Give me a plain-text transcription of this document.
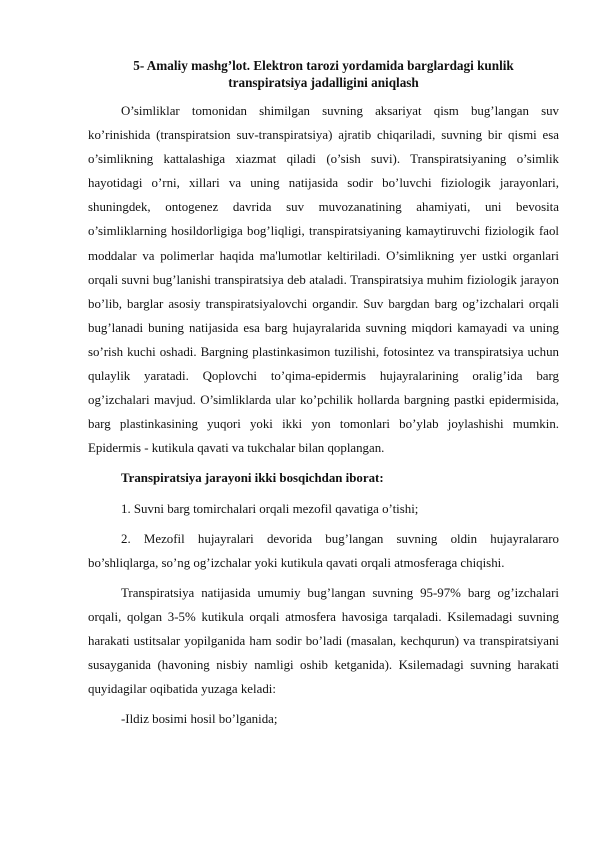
5- Amaliy mashg’lot. Elektron tarozi yordamida barglardagi kunlik transpiratsiya jadalligini aniqlash

O’simliklar tomonidan shimilgan suvning aksariyat qism bug’langan suv ko’rinishida (transpiratsion suv-transpiratsiya) ajratib chiqariladi, suvning bir qismi esa o’simlikning kattalashiga xiazmat qiladi (o’sish suvi). Transpiratsiyaning o’simlik hayotidagi o’rni, xillari va uning natijasida sodir bo’luvchi fiziologik jarayonlari, shuningdek, ontogenez davrida suv muvozanatining ahamiyati, uni bevosita o’simliklarning hosildorligiga bog’liqligi, transpiratsiyaning kamaytiruvchi fiziologik faol moddalar va polimerlar haqida ma'lumotlar keltiriladi. O’simlikning yer ustki organlari orqali suvni bug’lanishi transpiratsiya deb ataladi. Transpiratsiya muhim fiziologik jarayon bo’lib, barglar asosiy transpiratsiyalovchi organdir. Suv bargdan barg og’izchalari orqali bug’lanadi buning natijasida esa barg hujayralarida suvning miqdori kamayadi va uning so’rish kuchi oshadi. Bargning plastinkasimon tuzilishi, fotosintez va transpiratsiya uchun qulaylik yaratadi. Qoplovchi to’qima-epidermis hujayralarining oralig’ida barg og’izchalari mavjud. O’simliklarda ular ko’pchilik hollarda bargning pastki epidermisida, barg plastinkasining yuqori yoki ikki yon tomonlari bo’ylab joylashishi mumkin. Epidermis - kutikula qavati va tukchalar bilan qoplangan.

Transpiratsiya jarayoni ikki bosqichdan iborat:

1. Suvni barg tomirchalari orqali mezofil qavatiga o’tishi;

2. Mezofil hujayralari devorida bug’langan suvning oldin hujayralararo bo’shliqlarga, so’ng og’izchalar yoki kutikula qavati orqali atmosferaga chiqishi.

Transpiratsiya natijasida umumiy bug’langan suvning 95-97% barg og’izchalari orqali, qolgan 3-5% kutikula orqali atmosfera havosiga tarqaladi. Ksilemadagi suvning harakati ustitsalar yopilganida ham sodir bo’ladi (masalan, kechqurun) va transpiratsiyani susayganida (havoning nisbiy namligi oshib ketganida). Ksilemadagi suvning harakati quyidagilar oqibatida yuzaga keladi:

-Ildiz bosimi hosil bo’lganida;
